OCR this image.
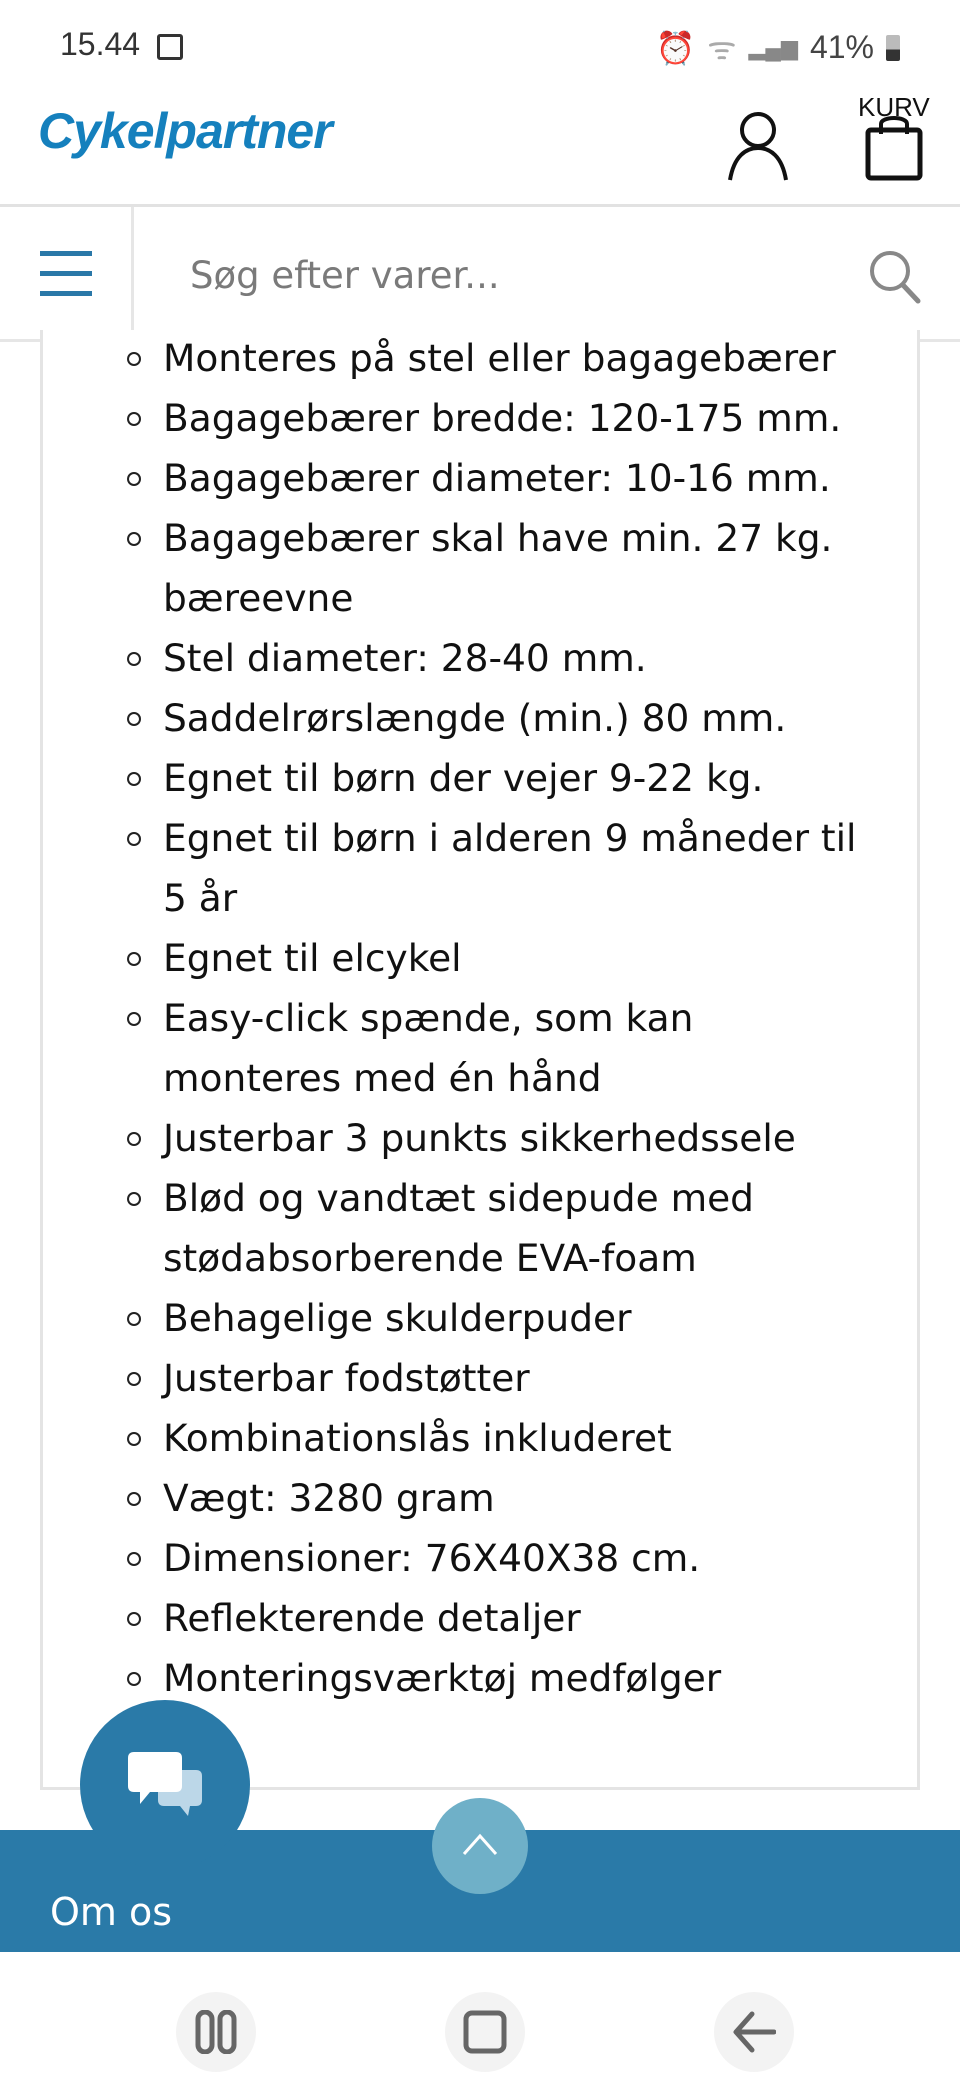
15.44	⏰ ᯤ ▂▄▆ 41%
Cykelpartner	KURV
Søg efter varer...
Monteres på stel eller bagagebærer
Bagagebærer bredde: 120-175 mm.
Bagagebærer diameter: 10-16 mm.
Bagagebærer skal have min. 27 kg. bæreevne
Stel diameter: 28-40 mm.
Saddelrørslængde (min.) 80 mm.
Egnet til børn der vejer 9-22 kg.
Egnet til børn i alderen 9 måneder til 5 år
Egnet til elcykel
Easy-click spænde, som kan monteres med én hånd
Justerbar 3 punkts sikkerhedssele
Blød og vandtæt sidepude med stødabsorberende EVA-foam
Behagelige skulderpuder
Justerbar fodstøtter
Kombinationslås inkluderet
Vægt: 3280 gram
Dimensioner: 76X40X38 cm.
Reflekterende detaljer
Monteringsværktøj medfølger
Om os
